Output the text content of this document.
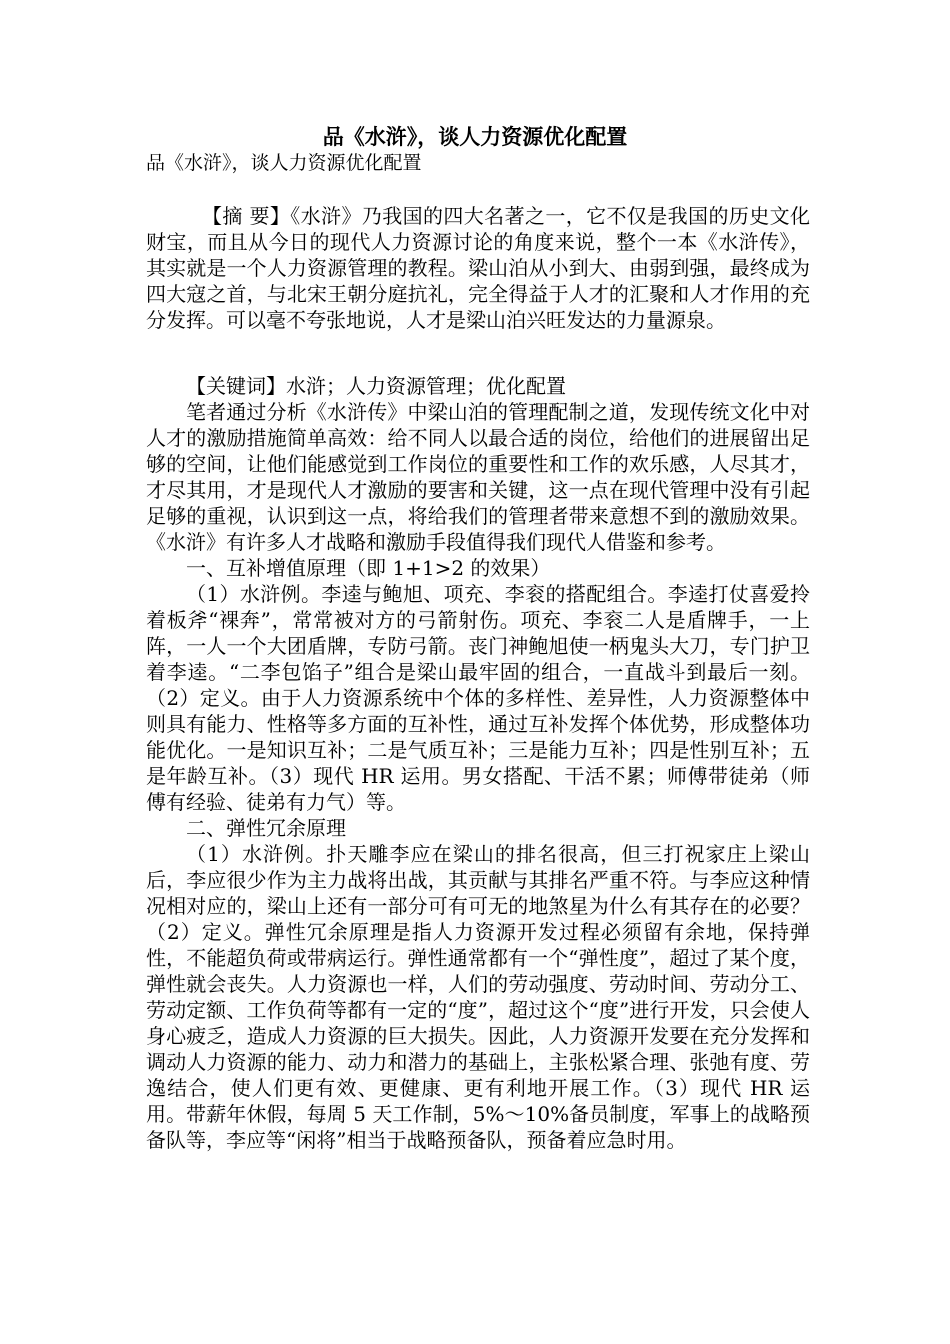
品《水浒》，谈人力资源优化配置
品《水浒》，谈人力资源优化配置

【摘 要】《水浒》乃我国的四大名著之一，它不仅是我国的历史文化财宝，而且从今日的现代人力资源讨论的角度来说，整个一本《水浒传》，其实就是一个人力资源管理的教程。梁山泊从小到大、由弱到强，最终成为四大寇之首，与北宋王朝分庭抗礼，完全得益于人才的汇聚和人才作用的充分发挥。可以毫不夸张地说，人才是梁山泊兴旺发达的力量源泉。

【关键词】水浒；人力资源管理；优化配置

笔者通过分析《水浒传》中梁山泊的管理配制之道，发现传统文化中对人才的激励措施简单高效：给不同人以最合适的岗位，给他们的进展留出足够的空间，让他们能感觉到工作岗位的重要性和工作的欢乐感，人尽其才，才尽其用，才是现代人才激励的要害和关键，这一点在现代管理中没有引起足够的重视，认识到这一点，将给我们的管理者带来意想不到的激励效果。《水浒》有许多人才战略和激励手段值得我们现代人借鉴和参考。

一、互补增值原理（即 1+1>2 的效果）

（1）水浒例。李逵与鲍旭、项充、李衮的搭配组合。李逵打仗喜爱拎着板斧“裸奔”，常常被对方的弓箭射伤。项充、李衮二人是盾牌手，一上阵，一人一个大团盾牌，专防弓箭。丧门神鲍旭使一柄鬼头大刀，专门护卫着李逵。“二李包馅子”组合是梁山最牢固的组合，一直战斗到最后一刻。（2）定义。由于人力资源系统中个体的多样性、差异性，人力资源整体中则具有能力、性格等多方面的互补性，通过互补发挥个体优势，形成整体功能优化。一是知识互补；二是气质互补；三是能力互补；四是性别互补；五是年龄互补。（3）现代 HR 运用。男女搭配、干活不累；师傅带徒弟（师傅有经验、徒弟有力气）等。

二、弹性冗余原理

（1）水浒例。扑天雕李应在梁山的排名很高，但三打祝家庄上梁山后，李应很少作为主力战将出战，其贡献与其排名严重不符。与李应这种情况相对应的，梁山上还有一部分可有可无的地煞星为什么有其存在的必要？（2）定义。弹性冗余原理是指人力资源开发过程必须留有余地，保持弹性，不能超负荷或带病运行。弹性通常都有一个“弹性度”，超过了某个度，弹性就会丧失。人力资源也一样，人们的劳动强度、劳动时间、劳动分工、劳动定额、工作负荷等都有一定的“度”，超过这个“度”进行开发，只会使人身心疲乏，造成人力资源的巨大损失。因此，人力资源开发要在充分发挥和调动人力资源的能力、动力和潜力的基础上，主张松紧合理、张弛有度、劳逸结合，使人们更有效、更健康、更有利地开展工作。（3）现代 HR 运用。带薪年休假，每周 5 天工作制，5%～10%备员制度，军事上的战略预备队等，李应等“闲将”相当于战略预备队，预备着应急时用。
